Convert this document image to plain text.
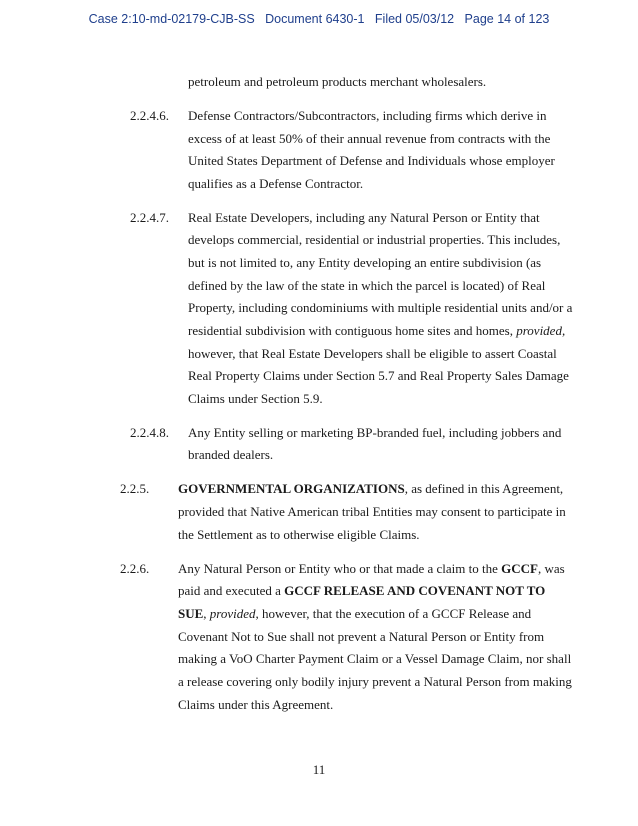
Case 2:10-md-02179-CJB-SS   Document 6430-1   Filed 05/03/12   Page 14 of 123
petroleum and petroleum products merchant wholesalers.
2.2.4.6. Defense Contractors/Subcontractors, including firms which derive in
excess of at least 50% of their annual revenue from contracts with the
United States Department of Defense and Individuals whose employer
qualifies as a Defense Contractor.
2.2.4.7. Real Estate Developers, including any Natural Person or Entity that
develops commercial, residential or industrial properties. This includes,
but is not limited to, any Entity developing an entire subdivision (as
defined by the law of the state in which the parcel is located) of Real
Property, including condominiums with multiple residential units and/or a
residential subdivision with contiguous home sites and homes, provided,
however, that Real Estate Developers shall be eligible to assert Coastal
Real Property Claims under Section 5.7 and Real Property Sales Damage
Claims under Section 5.9.
2.2.4.8. Any Entity selling or marketing BP-branded fuel, including jobbers and
branded dealers.
2.2.5. GOVERNMENTAL ORGANIZATIONS, as defined in this Agreement,
provided that Native American tribal Entities may consent to participate in
the Settlement as to otherwise eligible Claims.
2.2.6. Any Natural Person or Entity who or that made a claim to the GCCF, was
paid and executed a GCCF RELEASE AND COVENANT NOT TO
SUE, provided, however, that the execution of a GCCF Release and
Covenant Not to Sue shall not prevent a Natural Person or Entity from
making a VoO Charter Payment Claim or a Vessel Damage Claim, nor shall
a release covering only bodily injury prevent a Natural Person from making
Claims under this Agreement.
11
